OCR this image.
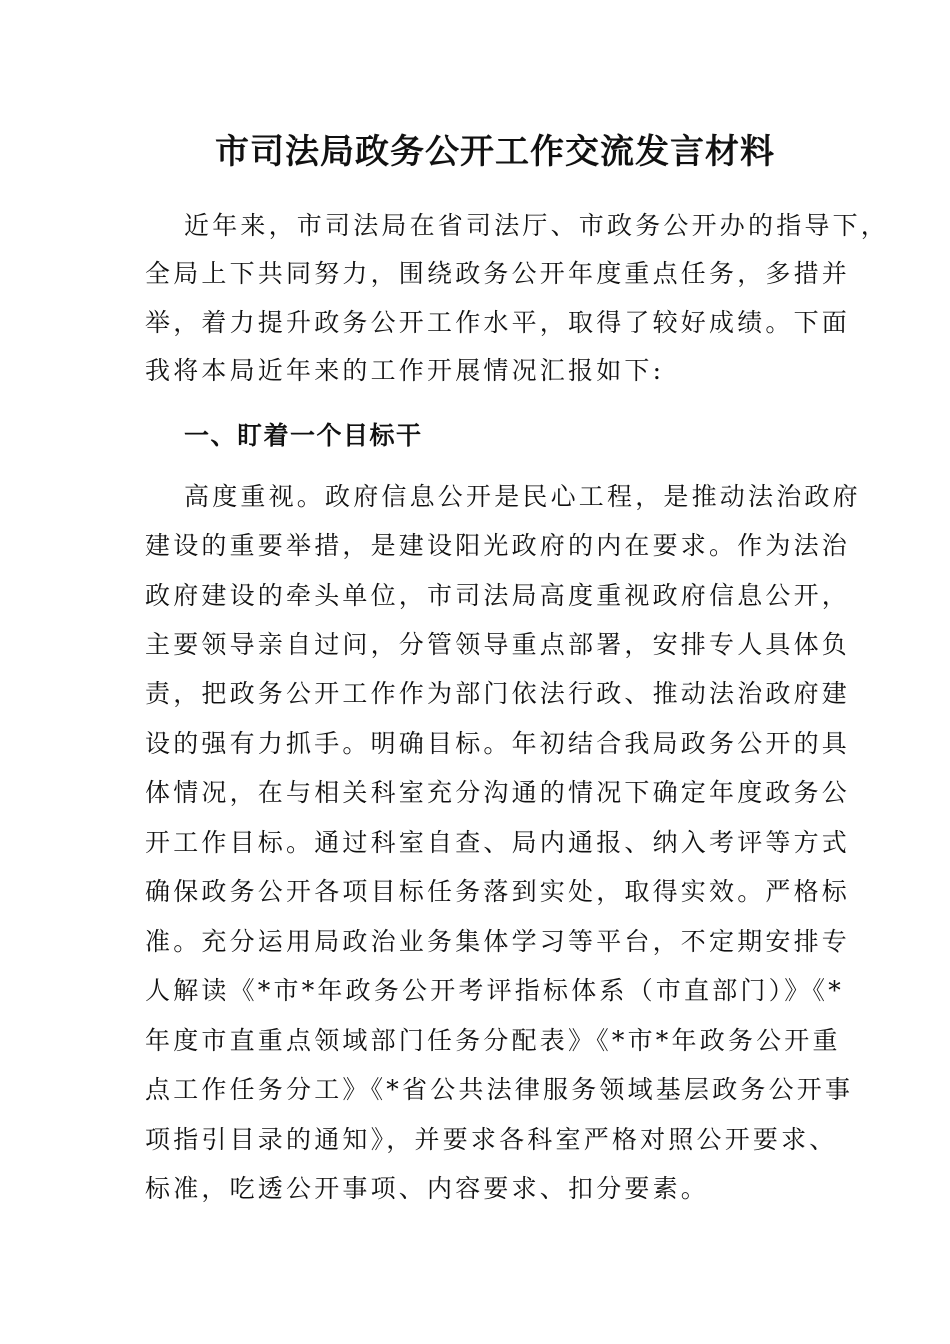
市司法局政务公开工作交流发言材料

近年来，市司法局在省司法厅、市政务公开办的指导下，

全局上下共同努力，围绕政务公开年度重点任务，多措并

举，着力提升政务公开工作水平，取得了较好成绩。下面

我将本局近年来的工作开展情况汇报如下:

一、盯着一个目标干

高度重视。政府信息公开是民心工程，是推动法治政府

建设的重要举措，是建设阳光政府的内在要求。作为法治

政府建设的牵头单位，市司法局高度重视政府信息公开，

主要领导亲自过问，分管领导重点部署，安排专人具体负

责，把政务公开工作作为部门依法行政、推动法治政府建

设的强有力抓手。明确目标。年初结合我局政务公开的具

体情况，在与相关科室充分沟通的情况下确定年度政务公

开工作目标。通过科室自查、局内通报、纳入考评等方式

确保政务公开各项目标任务落到实处，取得实效。严格标

准。充分运用局政治业务集体学习等平台，不定期安排专

人解读《*市*年政务公开考评指标体系（市直部门）》《*

年度市直重点领域部门任务分配表》《*市*年政务公开重

点工作任务分工》《*省公共法律服务领域基层政务公开事

项指引目录的通知》，并要求各科室严格对照公开要求、

标准，吃透公开事项、内容要求、扣分要素。
